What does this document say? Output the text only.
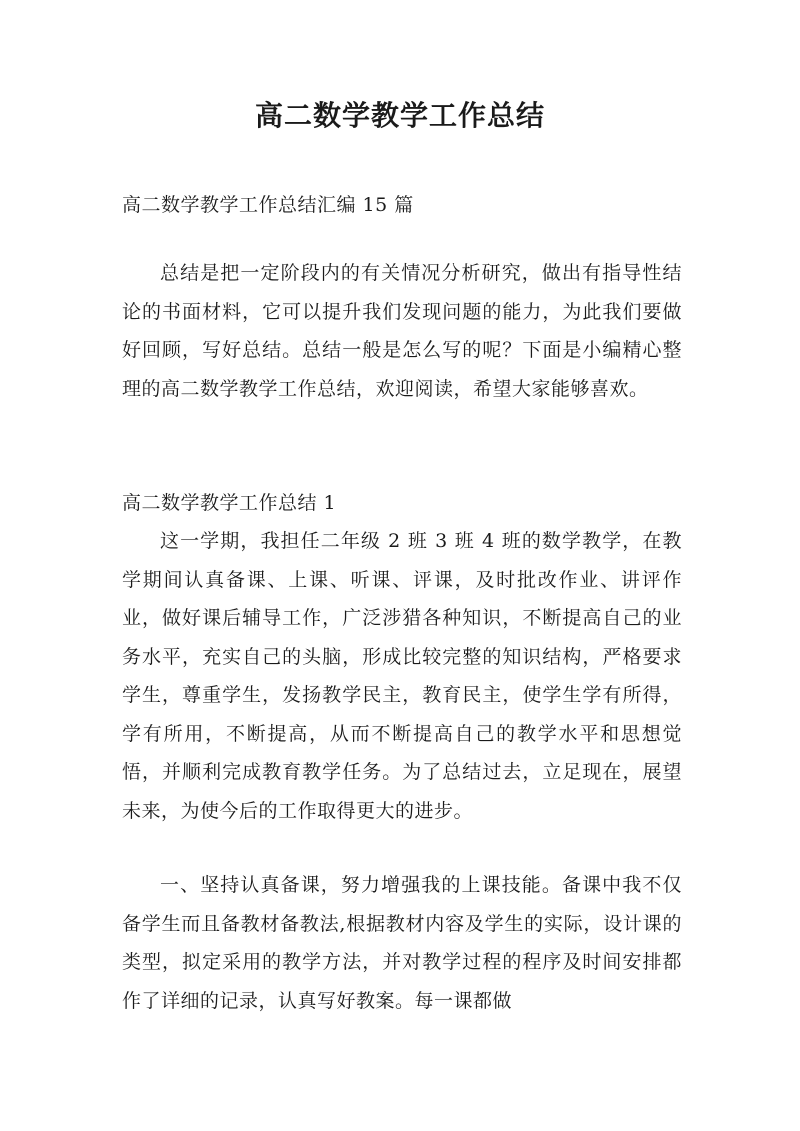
高二数学教学工作总结

高二数学教学工作总结汇编 15 篇

总结是把一定阶段内的有关情况分析研究，做出有指导性结论的书面材料，它可以提升我们发现问题的能力，为此我们要做好回顾，写好总结。总结一般是怎么写的呢？下面是小编精心整理的高二数学教学工作总结，欢迎阅读，希望大家能够喜欢。

高二数学教学工作总结 1

这一学期，我担任二年级 2 班 3 班 4 班的数学教学，在教学期间认真备课、上课、听课、评课，及时批改作业、讲评作业，做好课后辅导工作，广泛涉猎各种知识，不断提高自己的业务水平，充实自己的头脑，形成比较完整的知识结构，严格要求学生，尊重学生，发扬教学民主，教育民主，使学生学有所得，学有所用，不断提高，从而不断提高自己的教学水平和思想觉悟，并顺利完成教育教学任务。为了总结过去，立足现在，展望未来，为使今后的工作取得更大的进步。

一、坚持认真备课，努力增强我的上课技能。备课中我不仅备学生而且备教材备教法,根据教材内容及学生的实际，设计课的类型，拟定采用的教学方法，并对教学过程的程序及时间安排都作了详细的记录，认真写好教案。每一课都做
